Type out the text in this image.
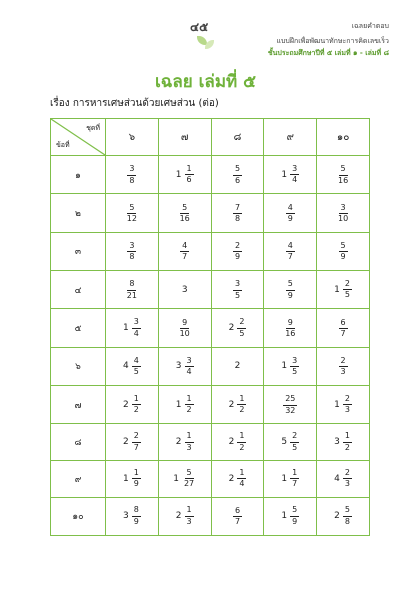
๔๕	เฉลยคำตอบ
แบบฝึกเพื่อพัฒนาทักษะการคิดเลขเร็ว
ชั้นประถมศึกษาปีที่ ๕ เล่มที่ ๑ - เล่มที่ ๘
เฉลย เล่มที่ ๕
เรื่อง การหารเศษส่วนด้วยเศษส่วน (ต่อ)
ชุดที่
ข้อที่	๖	๗	๘	๙	๑๐
๑	$\frac{3}{8}$	$1 \frac{1}{6}$	$\frac{5}{6}$	$1 \frac{3}{4}$	$\frac{5}{16}$

๒	$\frac{5}{12}$	$\frac{5}{16}$	$\frac{7}{8}$	$\frac{4}{9}$	$\frac{3}{10}$

๓	$\frac{3}{8}$	$\frac{4}{7}$	$\frac{2}{9}$	$\frac{4}{7}$	$\frac{5}{9}$

๔	$\frac{8}{21}$	3	$\frac{3}{5}$	$\frac{5}{9}$	$1 \frac{2}{5}$

๕	$1 \frac{3}{4}$	$\frac{9}{10}$	$2 \frac{2}{5}$	$\frac{9}{16}$	$\frac{6}{7}$

๖	$4 \frac{4}{5}$	$3 \frac{3}{4}$	2	$1 \frac{3}{5}$	$\frac{2}{3}$

๗	$2 \frac{1}{2}$	$1 \frac{1}{2}$	$2 \frac{1}{2}$	$\frac{25}{32}$	$1 \frac{2}{3}$

๘	$2 \frac{2}{7}$	$2 \frac{1}{3}$	$2 \frac{1}{2}$	$5 \frac{2}{5}$	$3 \frac{1}{2}$

๙	$1 \frac{1}{9}$	$1 \frac{5}{27}$	$2 \frac{1}{4}$	$1 \frac{1}{7}$	$4 \frac{2}{3}$

๑๐	$3 \frac{8}{9}$	$2 \frac{1}{3}$	$\frac{6}{7}$	$1 \frac{5}{9}$	$2 \frac{5}{8}$
